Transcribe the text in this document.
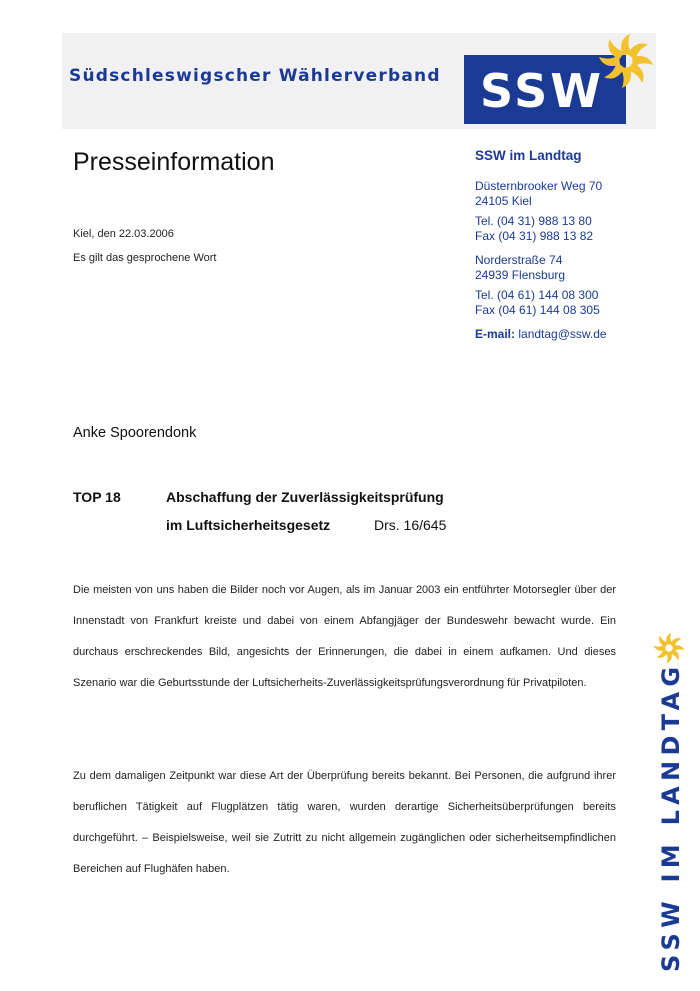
Südschleswigscher Wählerverband SSW
Presseinformation
Kiel, den 22.03.2006
Es gilt das gesprochene Wort
SSW im Landtag
Düsternbrooker Weg 70
24105 Kiel
Tel. (04 31) 988 13 80
Fax (04 31) 988 13 82
Norderstraße 74
24939 Flensburg
Tel. (04 61) 144 08 300
Fax (04 61) 144 08 305
E-mail: landtag@ssw.de
Anke Spoorendonk
TOP 18	Abschaffung der Zuverlässigkeitsprüfung
im Luftsicherheitsgesetz	Drs. 16/645
Die meisten von uns haben die Bilder noch vor Augen, als im Januar 2003 ein entführter Motorsegler über der Innenstadt von Frankfurt kreiste und dabei von einem Abfangjäger der Bundeswehr bewacht wurde. Ein durchaus erschreckendes Bild, angesichts der Erinnerungen, die dabei in einem aufkamen. Und dieses Szenario war die Geburtsstunde der Luftsicherheits-Zuverlässigkeitsprüfungsverordnung für Privatpiloten.
Zu dem damaligen Zeitpunkt war diese Art der Überprüfung bereits bekannt. Bei Personen, die aufgrund ihrer beruflichen Tätigkeit auf Flugplätzen tätig waren, wurden derartige Sicherheitsüberprüfungen bereits durchgeführt. – Beispielsweise, weil sie Zutritt zu nicht allgemein zugänglichen oder sicherheitsempfindlichen Bereichen auf Flughäfen haben.	SSW IM LANDTAG
